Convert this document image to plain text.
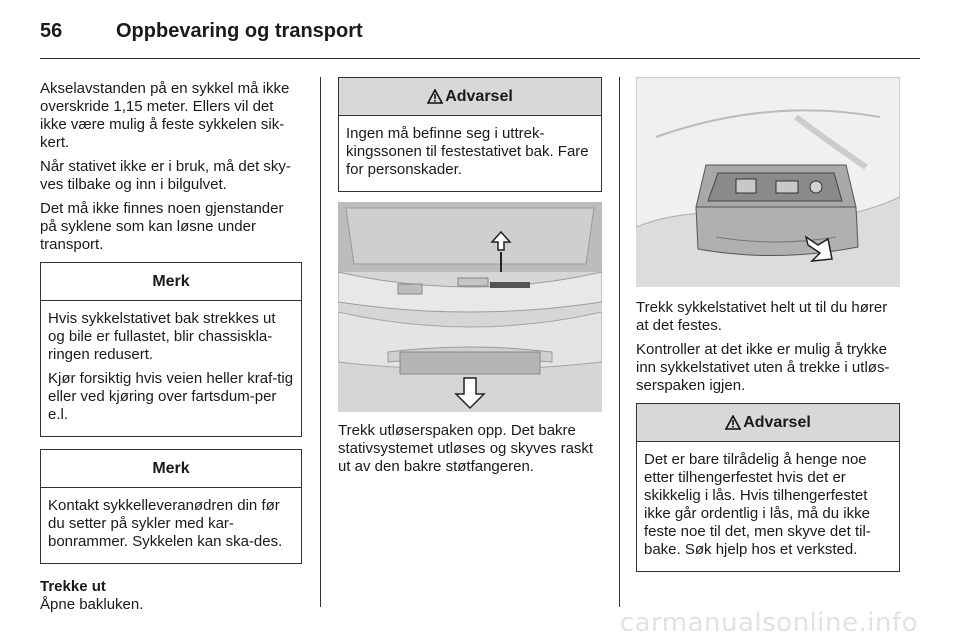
56	Oppbevaring og transport

Akselavstanden på en sykkel må ikke overskride 1,15 meter. Ellers vil det ikke være mulig å feste sykkelen sik-kert.

Når stativet ikke er i bruk, må det sky-ves tilbake og inn i bilgulvet.

Det må ikke finnes noen gjenstander på syklene som kan løsne under transport.

Merk

Hvis sykkelstativet bak strekkes ut og bile er fullastet, blir chassiskla-ringen redusert.

Kjør forsiktig hvis veien heller kraf-tig eller ved kjøring over fartsdum-per e.l.

Merk

Kontakt sykkelleveranødren din før du setter på sykler med kar-bonrammer. Sykkelen kan ska-des.

Trekke ut

Åpne bakluken.

Advarsel

Ingen må befinne seg i uttrek-kingssonen til festestativet bak. Fare for personskader.

Trekk utløserspaken opp. Det bakre stativsystemet utløses og skyves raskt ut av den bakre støtfangeren.

Trekk sykkelstativet helt ut til du hører at det festes.

Kontroller at det ikke er mulig å trykke inn sykkelstativet uten å trekke i utløs-serspaken igjen.

Advarsel

Det er bare tilrådelig å henge noe etter tilhengerfestet hvis det er skikkelig i lås. Hvis tilhengerfestet ikke går ordentlig i lås, må du ikke feste noe til det, men skyve det til-bake. Søk hjelp hos et verksted.

carmanualsonline.info
